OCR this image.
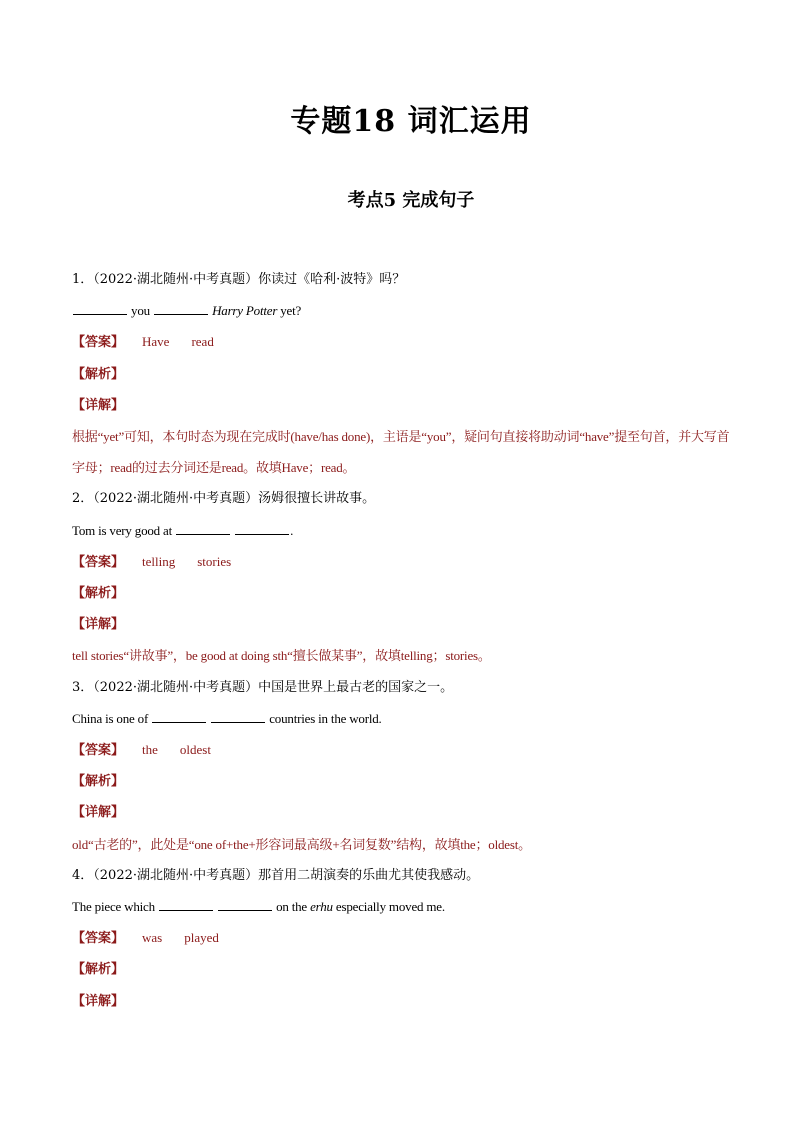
专题18 词汇运用
考点5 完成句子
1．（2022·湖北随州·中考真题）你读过《哈利·波特》吗？
you	Harry Potter yet?
【答案】 Have read
【解析】
【详解】
根据“yet”可知，本句时态为现在完成时(have/has done)，主语是“you”，疑问句直接将助动词“have”提至句首，并大写首字母；read的过去分词还是read。故填Have；read。
2．（2022·湖北随州·中考真题）汤姆很擅长讲故事。
Tom is very good at	.
【答案】 telling stories
【解析】
【详解】
tell stories“讲故事”，be good at doing sth“擅长做某事”，故填telling；stories。
3．（2022·湖北随州·中考真题）中国是世界上最古老的国家之一。
China is one of	countries in the world.
【答案】 the oldest
【解析】
【详解】
old“古老的”，此处是“one of+the+形容词最高级+名词复数”结构，故填the；oldest。
4．（2022·湖北随州·中考真题）那首用二胡演奏的乐曲尤其使我感动。
The piece which	on the erhu especially moved me.
【答案】 was played
【解析】
【详解】
